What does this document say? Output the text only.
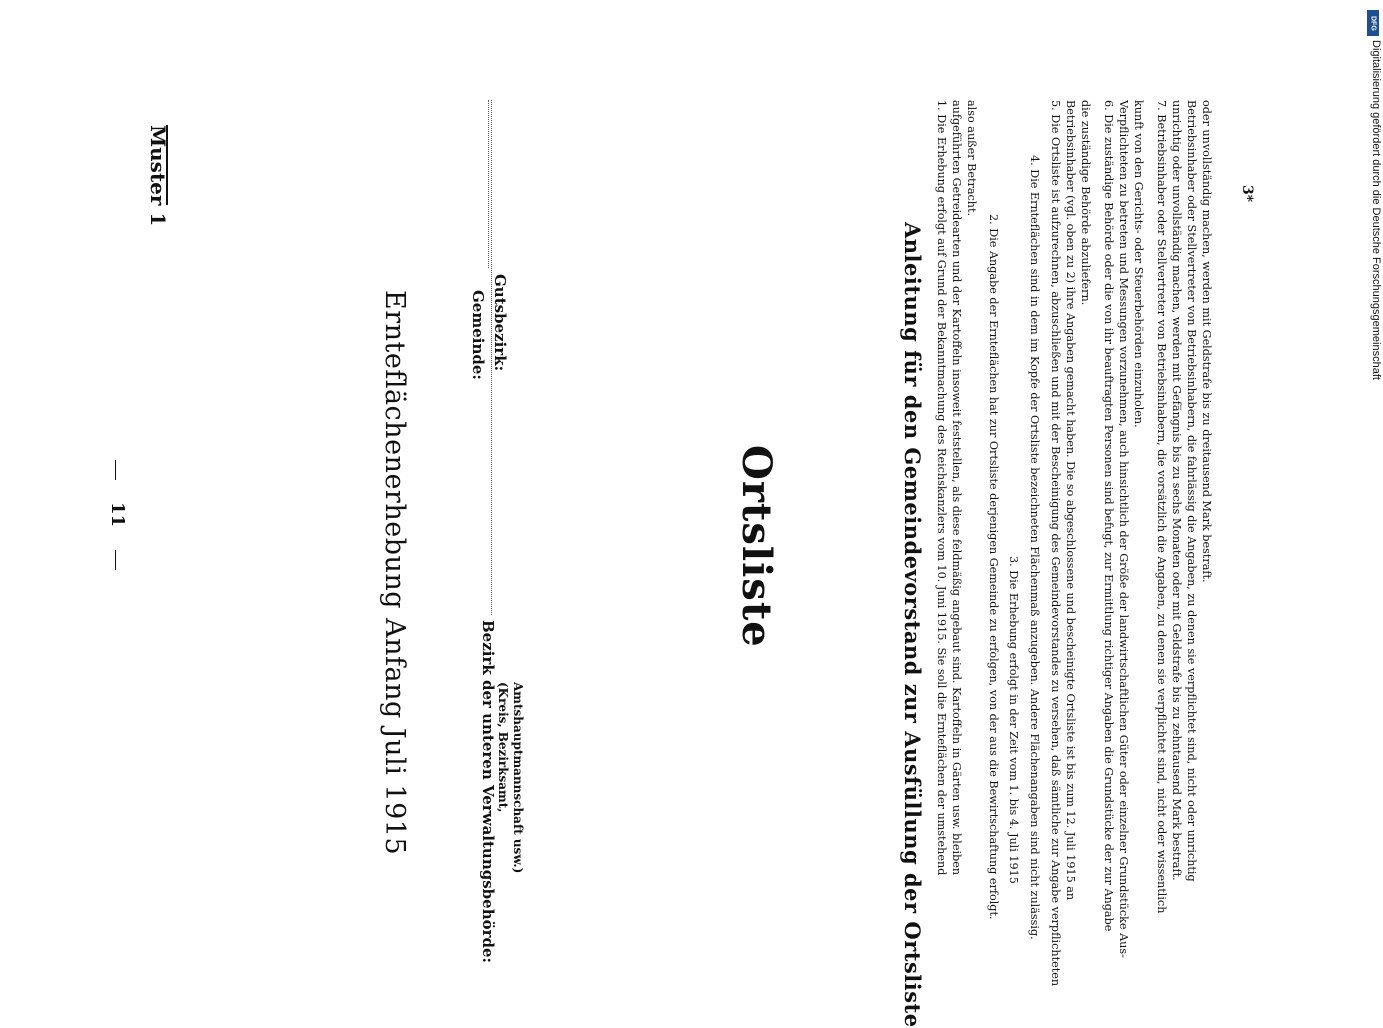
11
Muster 1
Ernteflächenerhebung Anfang Juli 1915	Bezirk der unteren Verwaltungsbehörde: (Kreis, Bezirksamt, Amtshauptmannschaft usw.)
Gemeinde: Gutsbezirk:
Ortsliste	Anleitung für den Gemeindevorstand zur Ausfüllung der Ortsliste 1. Die Erhebung erfolgt auf Grund der Bekanntmachung des Reichskanzlers vom 10. Juni 1915. Sie soll die Ernteflächen der umstehend aufgeführten Getreidearten und der Kartoffeln insoweit feststellen, als diese feldmäßig angebaut sind. Kartoffeln in Gärten usw. bleiben also außer Betracht.
2. Die Angabe der Ernteflächen hat zur Ortsliste derjenigen Gemeinde zu erfolgen, von der aus die Bewirtschaftung erfolgt. 3. Die Erhebung erfolgt in der Zeit vom 1. bis 4. Juli 1915 4. Die Ernteflächen sind in dem im Kopfe der Ortsliste bezeichneten Flächenmaß anzugeben. Andere Flächenangaben sind nicht zulässig. 5. Die Ortsliste ist aufzurechnen, abzuschließen und mit der Bescheinigung des Gemeindevorstandes zu versehen, daß sämtliche zur Angabe verpflichteten Betriebsinhaber (vgl. oben zu 2) ihre Angaben gemacht haben. Die so abgeschlossene und bescheinigte Ortsliste ist bis zum 12. Juli 1915 an die zuständige Behörde abzuliefern. 6. Die zuständige Behörde oder die von ihr beauftragten Personen sind befugt, zur Ermittlung richtiger Angaben die Grundstücke der zur Angabe Verpflichteten zu betreten und Messungen vorzunehmen, auch hinsichtlich der Größe der landwirtschaftlichen Güter oder einzelner Grundstücke Aus- kunft von den Gerichts- oder Steuerbehörden einzuholen. 7. Betriebsinhaber oder Stellvertreter von Betriebsinhabern, die vorsätzlich die Angaben, zu denen sie verpflichtet sind, nicht oder wissentlich unrichtig oder unvollständig machen, werden mit Gefängnis bis zu sechs Monaten oder mit Geldstrafe bis zu zehntausend Mark bestraft. Betriebsinhaber oder Stellvertreter von Betriebsinhabern, die fahrlässig die Angaben, zu denen sie verpflichtet sind, nicht oder unrichtig oder unvollständig machen, werden mit Geldstrafe bis zu dreitausend Mark bestraft. 3*
DFG
Digitalisierung gefördert durch die Deutsche Forschungsgemeinschaft
